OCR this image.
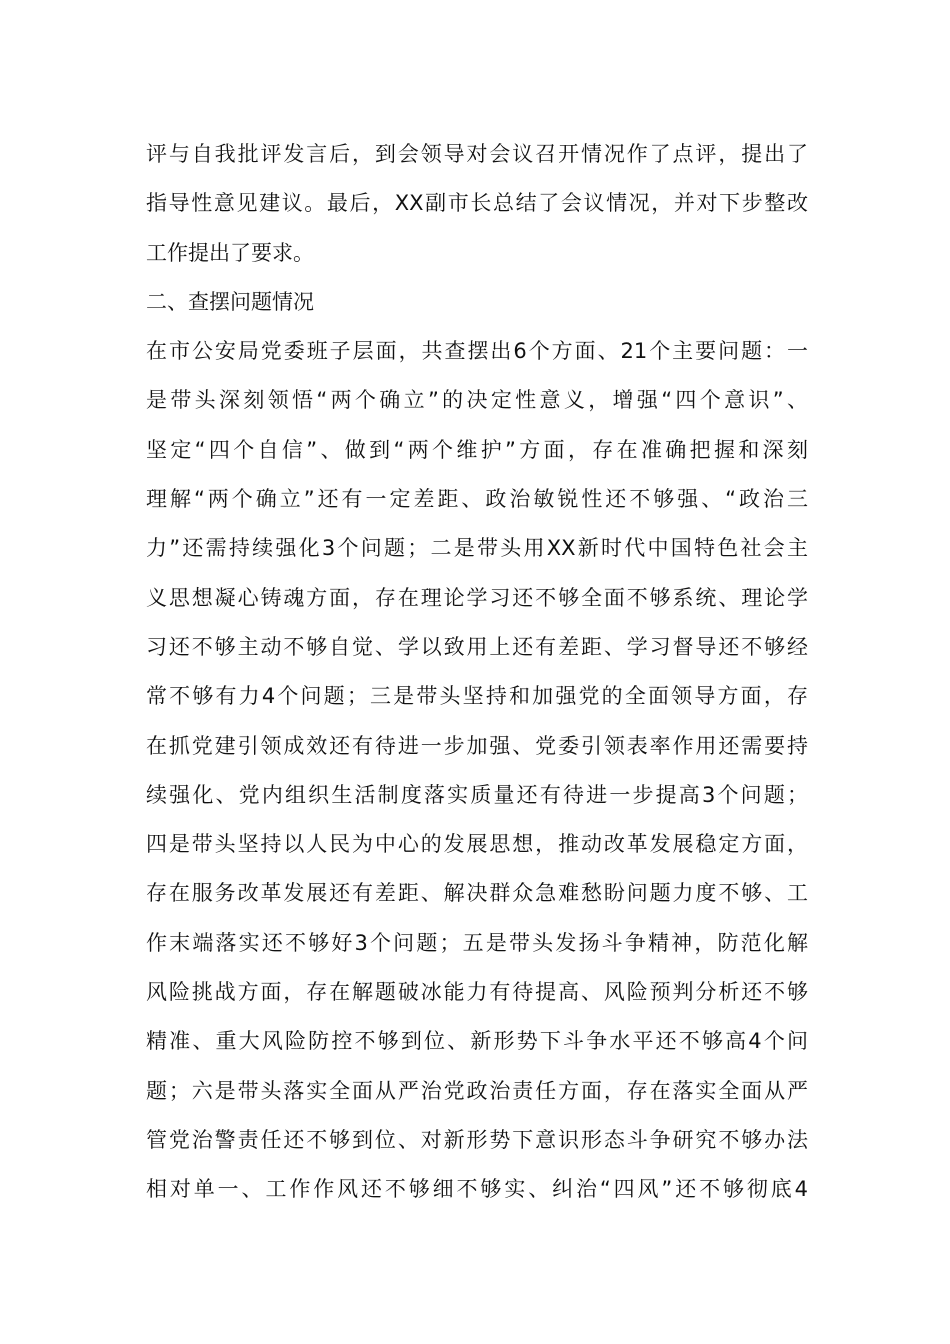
评与自我批评发言后，到会领导对会议召开情况作了点评，提出了
指导性意见建议。最后，XX副市长总结了会议情况，并对下步整改
工作提出了要求。
二、查摆问题情况
在市公安局党委班子层面，共查摆出6个方面、21个主要问题：一
是带头深刻领悟“两个确立”的决定性意义，增强“四个意识”、
坚定“四个自信”、做到“两个维护”方面，存在准确把握和深刻
理解“两个确立”还有一定差距、政治敏锐性还不够强、“政治三
力”还需持续强化3个问题；二是带头用XX新时代中国特色社会主
义思想凝心铸魂方面，存在理论学习还不够全面不够系统、理论学
习还不够主动不够自觉、学以致用上还有差距、学习督导还不够经
常不够有力4个问题；三是带头坚持和加强党的全面领导方面，存
在抓党建引领成效还有待进一步加强、党委引领表率作用还需要持
续强化、党内组织生活制度落实质量还有待进一步提高3个问题；
四是带头坚持以人民为中心的发展思想，推动改革发展稳定方面，
存在服务改革发展还有差距、解决群众急难愁盼问题力度不够、工
作末端落实还不够好3个问题；五是带头发扬斗争精神，防范化解
风险挑战方面，存在解题破冰能力有待提高、风险预判分析还不够
精准、重大风险防控不够到位、新形势下斗争水平还不够高4个问
题；六是带头落实全面从严治党政治责任方面，存在落实全面从严
管党治警责任还不够到位、对新形势下意识形态斗争研究不够办法
相对单一、工作作风还不够细不够实、纠治“四风”还不够彻底4
